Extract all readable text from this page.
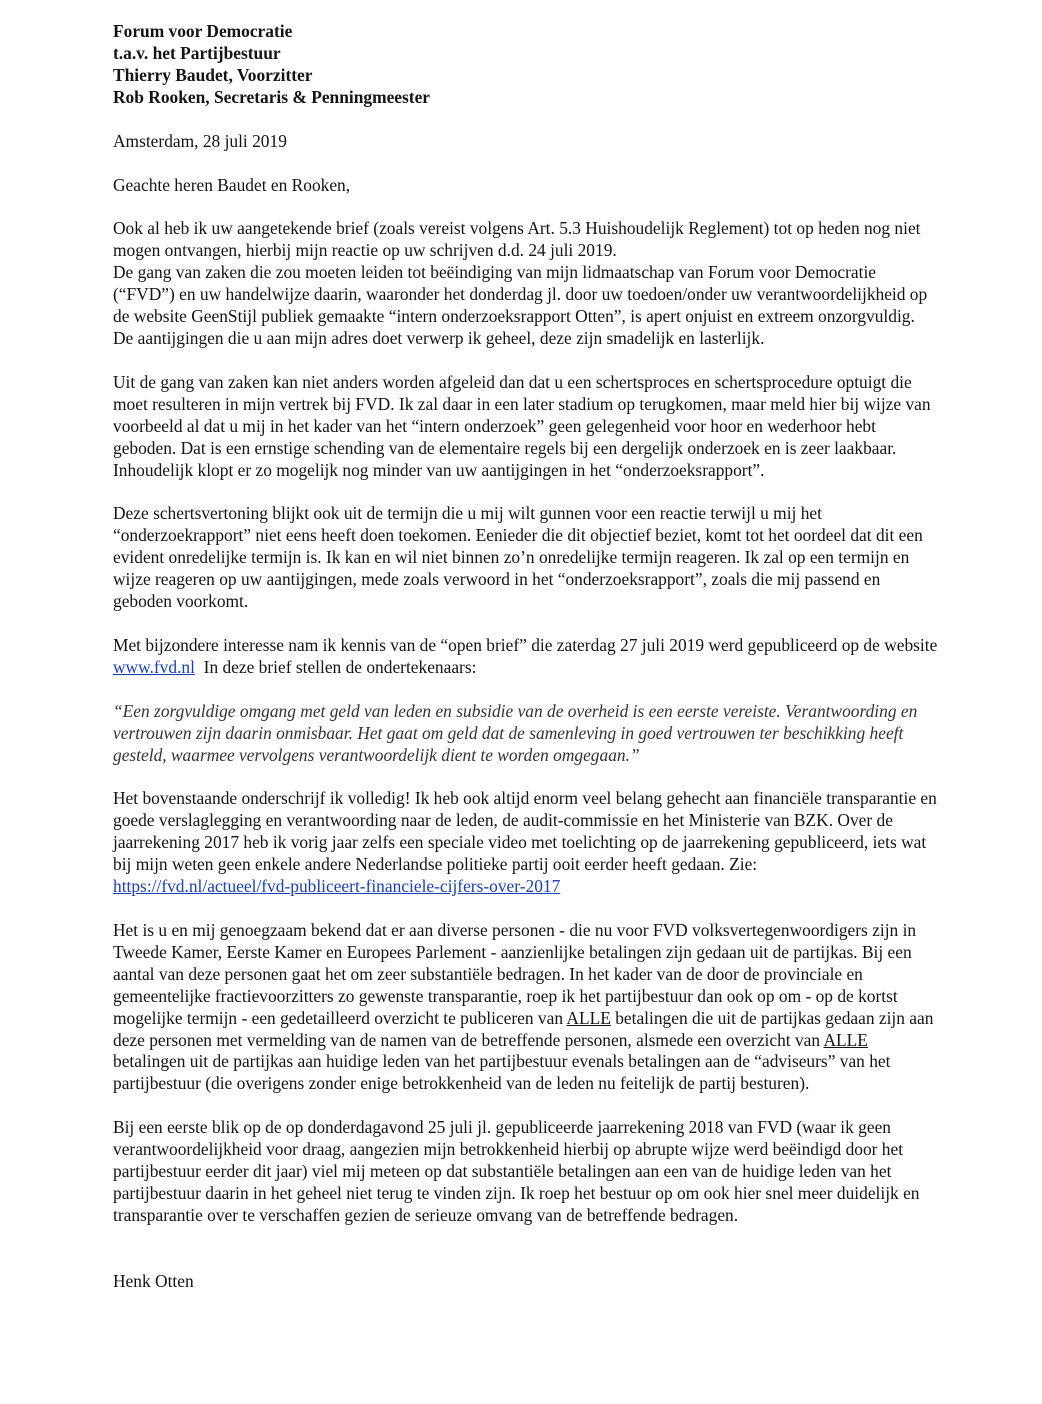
Forum voor Democratie
t.a.v. het Partijbestuur
Thierry Baudet, Voorzitter
Rob Rooken, Secretaris & Penningmeester

Amsterdam, 28 juli 2019

Geachte heren Baudet en Rooken,

Ook al heb ik uw aangetekende brief (zoals vereist volgens Art. 5.3 Huishoudelijk Reglement) tot op heden nog niet mogen ontvangen, hierbij mijn reactie op uw schrijven d.d. 24 juli 2019.

De gang van zaken die zou moeten leiden tot beëindiging van mijn lidmaatschap van Forum voor Democratie (“FVD”) en uw handelwijze daarin, waaronder het donderdag jl. door uw toedoen/onder uw verantwoordelijkheid op de website GeenStijl publiek gemaakte “intern onderzoeksrapport Otten”, is apert onjuist en extreem onzorgvuldig. De aantijgingen die u aan mijn adres doet verwerp ik geheel, deze zijn smadelijk en lasterlijk.

Uit de gang van zaken kan niet anders worden afgeleid dan dat u een schertsproces en schertsprocedure optuigt die moet resulteren in mijn vertrek bij FVD. Ik zal daar in een later stadium op terugkomen, maar meld hier bij wijze van voorbeeld al dat u mij in het kader van het “intern onderzoek” geen gelegenheid voor hoor en wederhoor hebt geboden. Dat is een ernstige schending van de elementaire regels bij een dergelijk onderzoek en is zeer laakbaar. Inhoudelijk klopt er zo mogelijk nog minder van uw aantijgingen in het “onderzoeksrapport”.

Deze schertsvertoning blijkt ook uit de termijn die u mij wilt gunnen voor een reactie terwijl u mij het “onderzoekrapport” niet eens heeft doen toekomen. Eenieder die dit objectief beziet, komt tot het oordeel dat dit een evident onredelijke termijn is. Ik kan en wil niet binnen zo’n onredelijke termijn reageren. Ik zal op een termijn en wijze reageren op uw aantijgingen, mede zoals verwoord in het “onderzoeksrapport”, zoals die mij passend en geboden voorkomt.

Met bijzondere interesse nam ik kennis van de “open brief” die zaterdag 27 juli 2019 werd gepubliceerd op de website www.fvd.nl  In deze brief stellen de ondertekenaars:

“Een zorgvuldige omgang met geld van leden en subsidie van de overheid is een eerste vereiste. Verantwoording en vertrouwen zijn daarin onmisbaar. Het gaat om geld dat de samenleving in goed vertrouwen ter beschikking heeft gesteld, waarmee vervolgens verantwoordelijk dient te worden omgegaan.”

Het bovenstaande onderschrijf ik volledig! Ik heb ook altijd enorm veel belang gehecht aan financiële transparantie en goede verslaglegging en verantwoording naar de leden, de audit-commissie en het Ministerie van BZK. Over de jaarrekening 2017 heb ik vorig jaar zelfs een speciale video met toelichting op de jaarrekening gepubliceerd, iets wat bij mijn weten geen enkele andere Nederlandse politieke partij ooit eerder heeft gedaan. Zie: https://fvd.nl/actueel/fvd-publiceert-financiele-cijfers-over-2017

Het is u en mij genoegzaam bekend dat er aan diverse personen - die nu voor FVD volksvertegenwoordigers zijn in Tweede Kamer, Eerste Kamer en Europees Parlement - aanzienlijke betalingen zijn gedaan uit de partijkas. Bij een aantal van deze personen gaat het om zeer substantiële bedragen. In het kader van de door de provinciale en gemeentelijke fractievoorzitters zo gewenste transparantie, roep ik het partijbestuur dan ook op om - op de kortst mogelijke termijn - een gedetailleerd overzicht te publiceren van ALLE betalingen die uit de partijkas gedaan zijn aan deze personen met vermelding van de namen van de betreffende personen, alsmede een overzicht van ALLE betalingen uit de partijkas aan huidige leden van het partijbestuur evenals betalingen aan de “adviseurs” van het partijbestuur (die overigens zonder enige betrokkenheid van de leden nu feitelijk de partij besturen).

Bij een eerste blik op de op donderdagavond 25 juli jl. gepubliceerde jaarrekening 2018 van FVD (waar ik geen verantwoordelijkheid voor draag, aangezien mijn betrokkenheid hierbij op abrupte wijze werd beëindigd door het partijbestuur eerder dit jaar) viel mij meteen op dat substantiële betalingen aan een van de huidige leden van het partijbestuur daarin in het geheel niet terug te vinden zijn. Ik roep het bestuur op om ook hier snel meer duidelijk en transparantie over te verschaffen gezien de serieuze omvang van de betreffende bedragen.

Henk Otten
